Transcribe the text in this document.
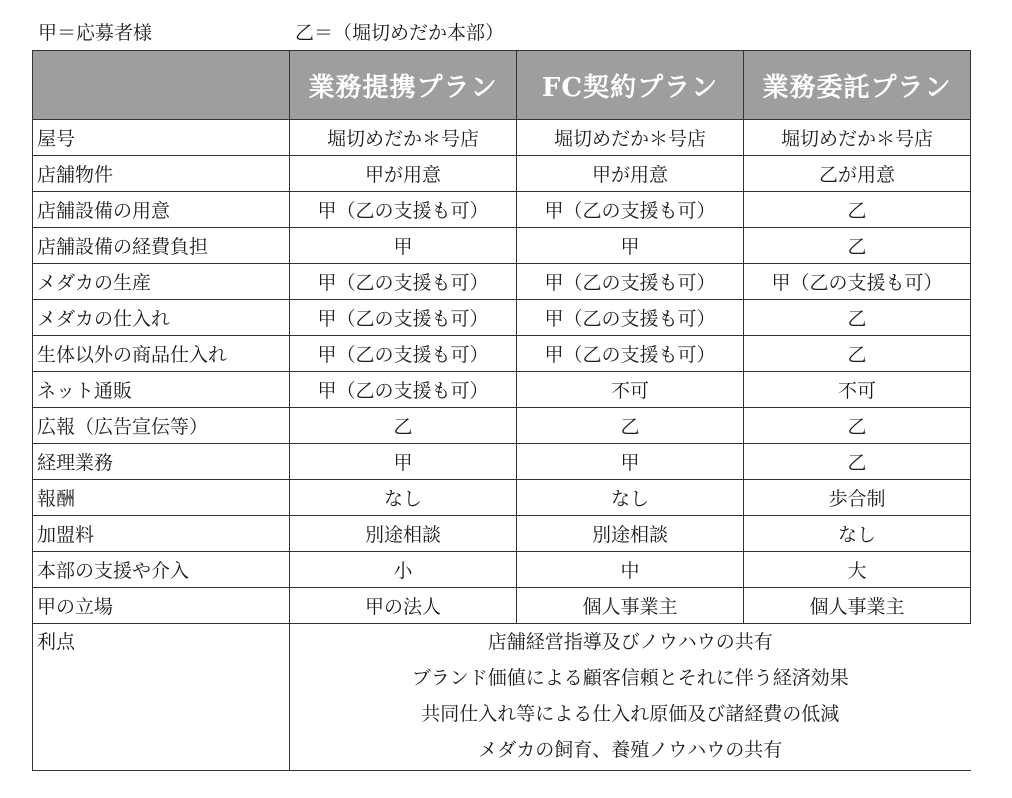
甲＝応募者様	乙＝（堀切めだか本部）
	業務提携プラン	FC契約プラン	業務委託プラン
屋号	堀切めだか＊号店	堀切めだか＊号店	堀切めだか＊号店
店舗物件	甲が用意	甲が用意	乙が用意
店舗設備の用意	甲（乙の支援も可）	甲（乙の支援も可）	乙
店舗設備の経費負担	甲	甲	乙
メダカの生産	甲（乙の支援も可）	甲（乙の支援も可）	甲（乙の支援も可）
メダカの仕入れ	甲（乙の支援も可）	甲（乙の支援も可）	乙
生体以外の商品仕入れ	甲（乙の支援も可）	甲（乙の支援も可）	乙
ネット通販	甲（乙の支援も可）	不可	不可
広報（広告宣伝等）	乙	乙	乙
経理業務	甲	甲	乙
報酬	なし	なし	歩合制
加盟料	別途相談	別途相談	なし
本部の支援や介入	小	中	大
甲の立場	甲の法人	個人事業主	個人事業主
利点	店舗経営指導及びノウハウの共有
ブランド価値による顧客信頼とそれに伴う経済効果
共同仕入れ等による仕入れ原価及び諸経費の低減
メダカの飼育、養殖ノウハウの共有		
